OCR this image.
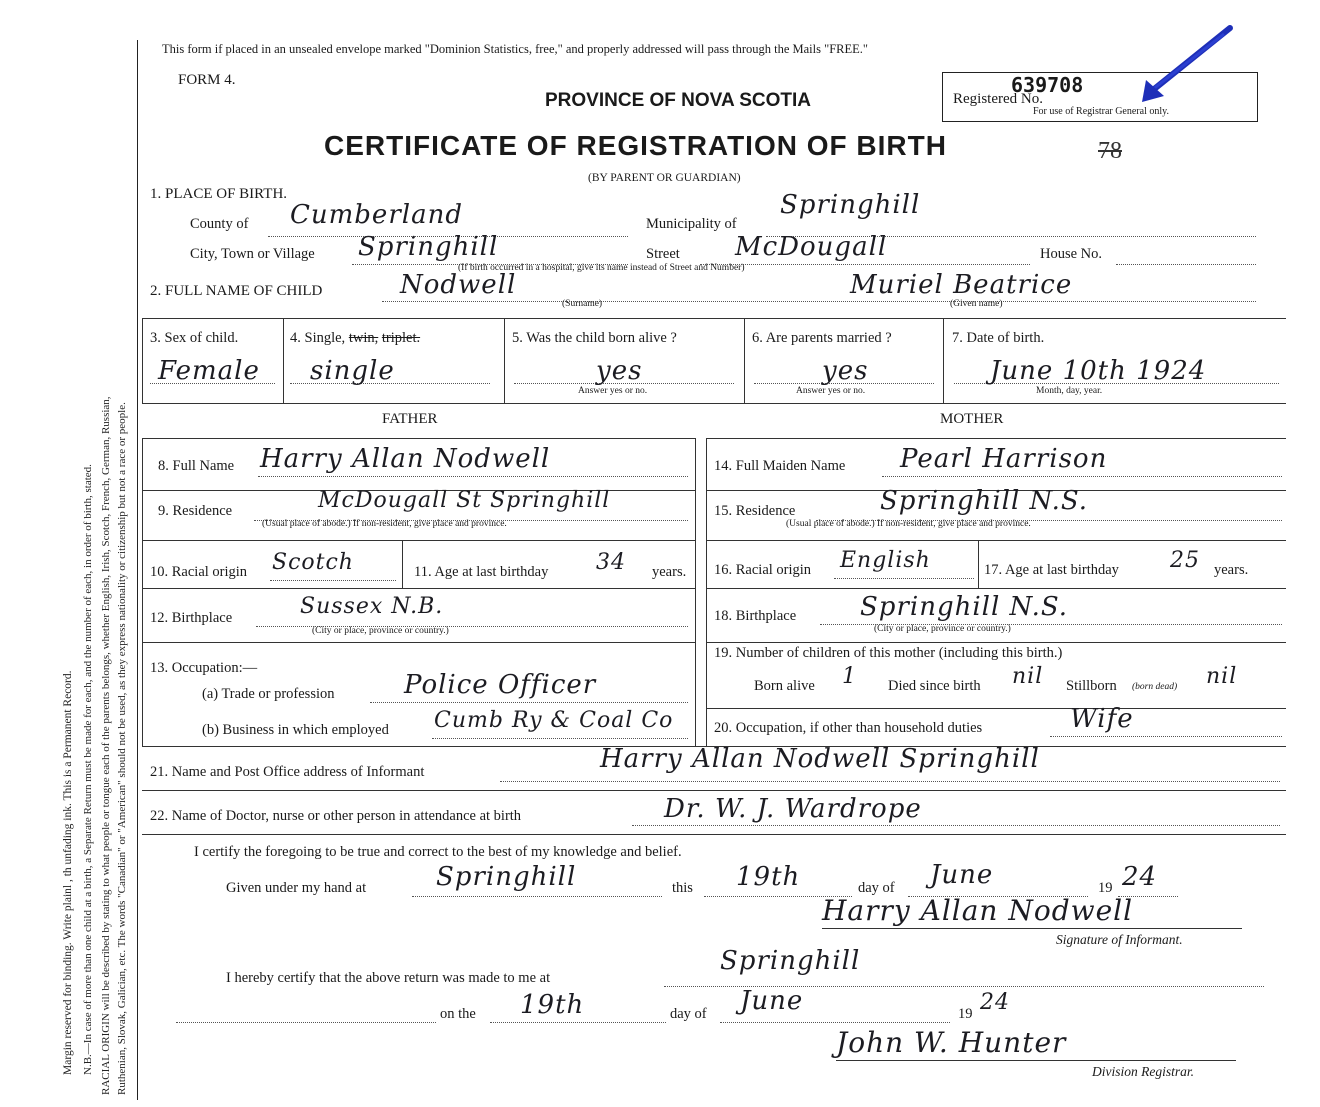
Margin reserved for binding. Write plainl , th unfading ink. This is a Permanent Record. N.B.—In case of more than one child at a birth, a Separate Return must be made for each, and the number of each, in order of birth, stated. RACIAL ORIGIN will be described by stating to what people or tongue each of the parents belongs, whether English, Irish, Scotch, French, German, Russian, Ruthenian, Slovak, Galician, etc. The words "Canadian" or "American" should not be used, as they express nationality or citizenship but not a race or people.
This form if placed in an unsealed envelope marked "Dominion Statistics, free," and properly addressed will pass through the Mails "FREE."
FORM 4.
PROVINCE OF NOVA SCOTIA
CERTIFICATE OF REGISTRATION OF BIRTH
(BY PARENT OR GUARDIAN)
78
Registered No.
639708
For use of Registrar General only.
1. PLACE OF BIRTH.
County of Cumberland	Municipality of
Springhill
City, Town or Village Springhill	Street McDougall	House No.
(If birth occurred in a hospital, give its name instead of Street and Number)
2. FULL NAME OF CHILD	Nodwell
(Surname)
Muriel Beatrice
(Given name)
3. Sex of child.
Female
4. Single, twin, triplet.
single
5. Was the child born alive ?
yes
Answer yes or no.
6. Are parents married ?
yes
Answer yes or no.
7. Date of birth.
June 10th 1924
Month, day, year.
FATHER	MOTHER
8. Full Name Harry Allan Nodwell
9. Residence	McDougall St Springhill
(Usual place of abode.) If non-resident, give place and province.
10. Racial origin Scotch	11. Age at last birthday 34 years.
12. Birthplace	Sussex N.B.
(City or place, province or country.)
13. Occupation:—
(a) Trade or profession	Police Officer
(b) Business in which employed Cumb Ry & Coal Co
14. Full Maiden Name Pearl Harrison
15. Residence	Springhill N.S.
(Usual place of abode.) If non-resident, give place and province.
16. Racial origin English	17. Age at last birthday 25 years.
18. Birthplace Springhill N.S.
(City or place, province or country.)
19. Number of children of this mother (including this birth.)
Born alive 1 Died since birth nil Stillborn (born dead) nil
20. Occupation, if other than household duties	Wife
21. Name and Post Office address of Informant	Harry Allan Nodwell Springhill
22. Name of Doctor, nurse or other person in attendance at birth	Dr. W. J. Wardrope
I certify the foregoing to be true and correct to the best of my knowledge and belief.
Given under my hand at	Springhill	this 19th	day of June	19 24
Harry Allan Nodwell
Signature of Informant.
I hereby certify that the above return was made to me at
Springhill
on the 19th	day of June	19 24
John W. Hunter
Division Registrar.
